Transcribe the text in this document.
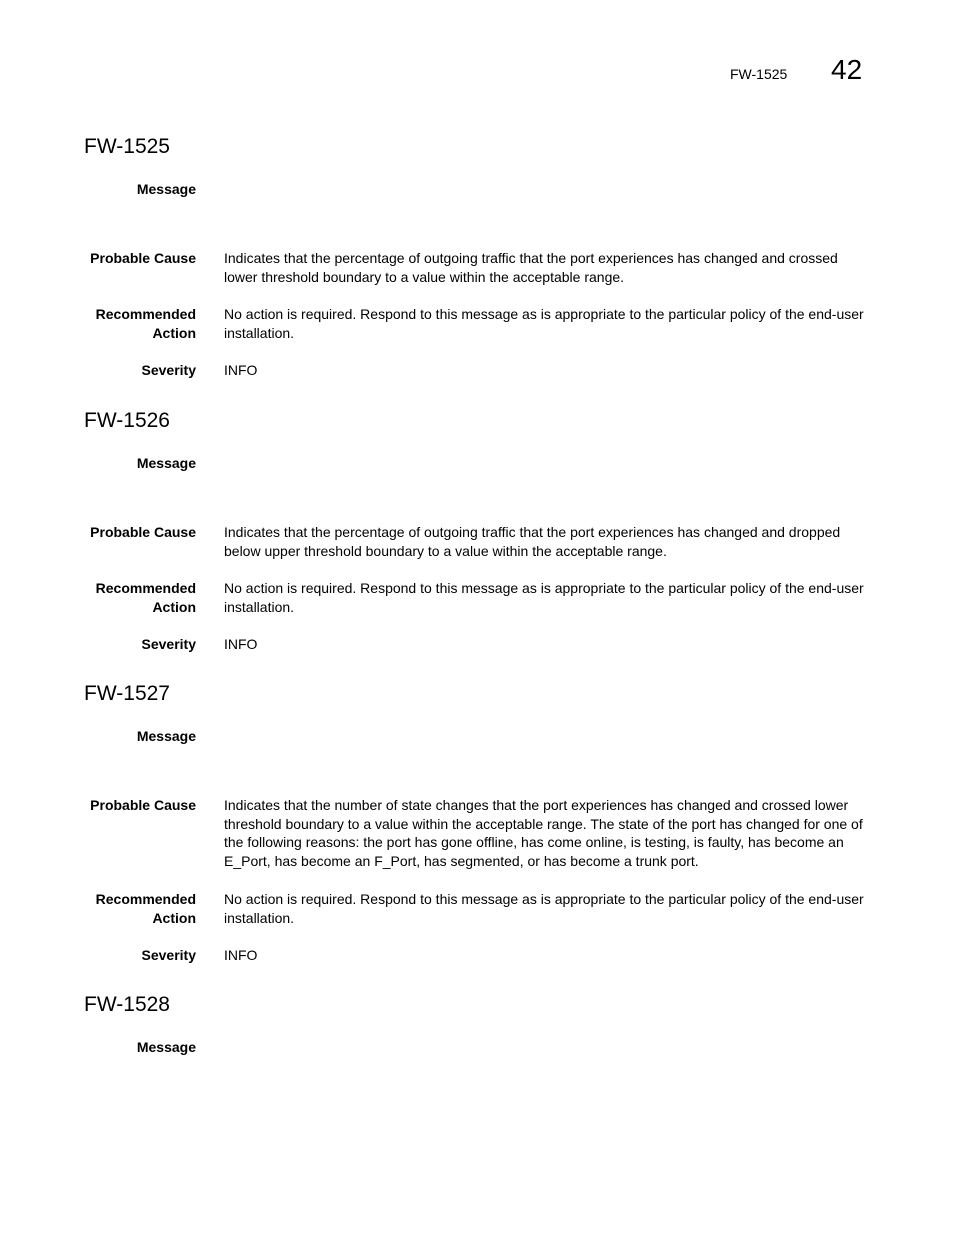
FW-1525 42
FW-1525
Message
Probable Cause Indicates that the percentage of outgoing traffic that the port experiences has changed and crossed lower threshold boundary to a value within the acceptable range.
Recommended
Action
No action is required. Respond to this message as is appropriate to the particular policy of the end-user installation.
Severity INFO
FW-1526
Message
Probable Cause Indicates that the percentage of outgoing traffic that the port experiences has changed and dropped below upper threshold boundary to a value within the acceptable range.
Recommended
Action
No action is required. Respond to this message as is appropriate to the particular policy of the end-user installation.
Severity INFO
FW-1527
Message
Probable Cause Indicates that the number of state changes that the port experiences has changed and crossed lower threshold boundary to a value within the acceptable range. The state of the port has changed for one of the following reasons: the port has gone offline, has come online, is testing, is faulty, has become an E_Port, has become an F_Port, has segmented, or has become a trunk port.
Recommended
Action
No action is required. Respond to this message as is appropriate to the particular policy of the end-user installation.
Severity INFO
FW-1528
Message
